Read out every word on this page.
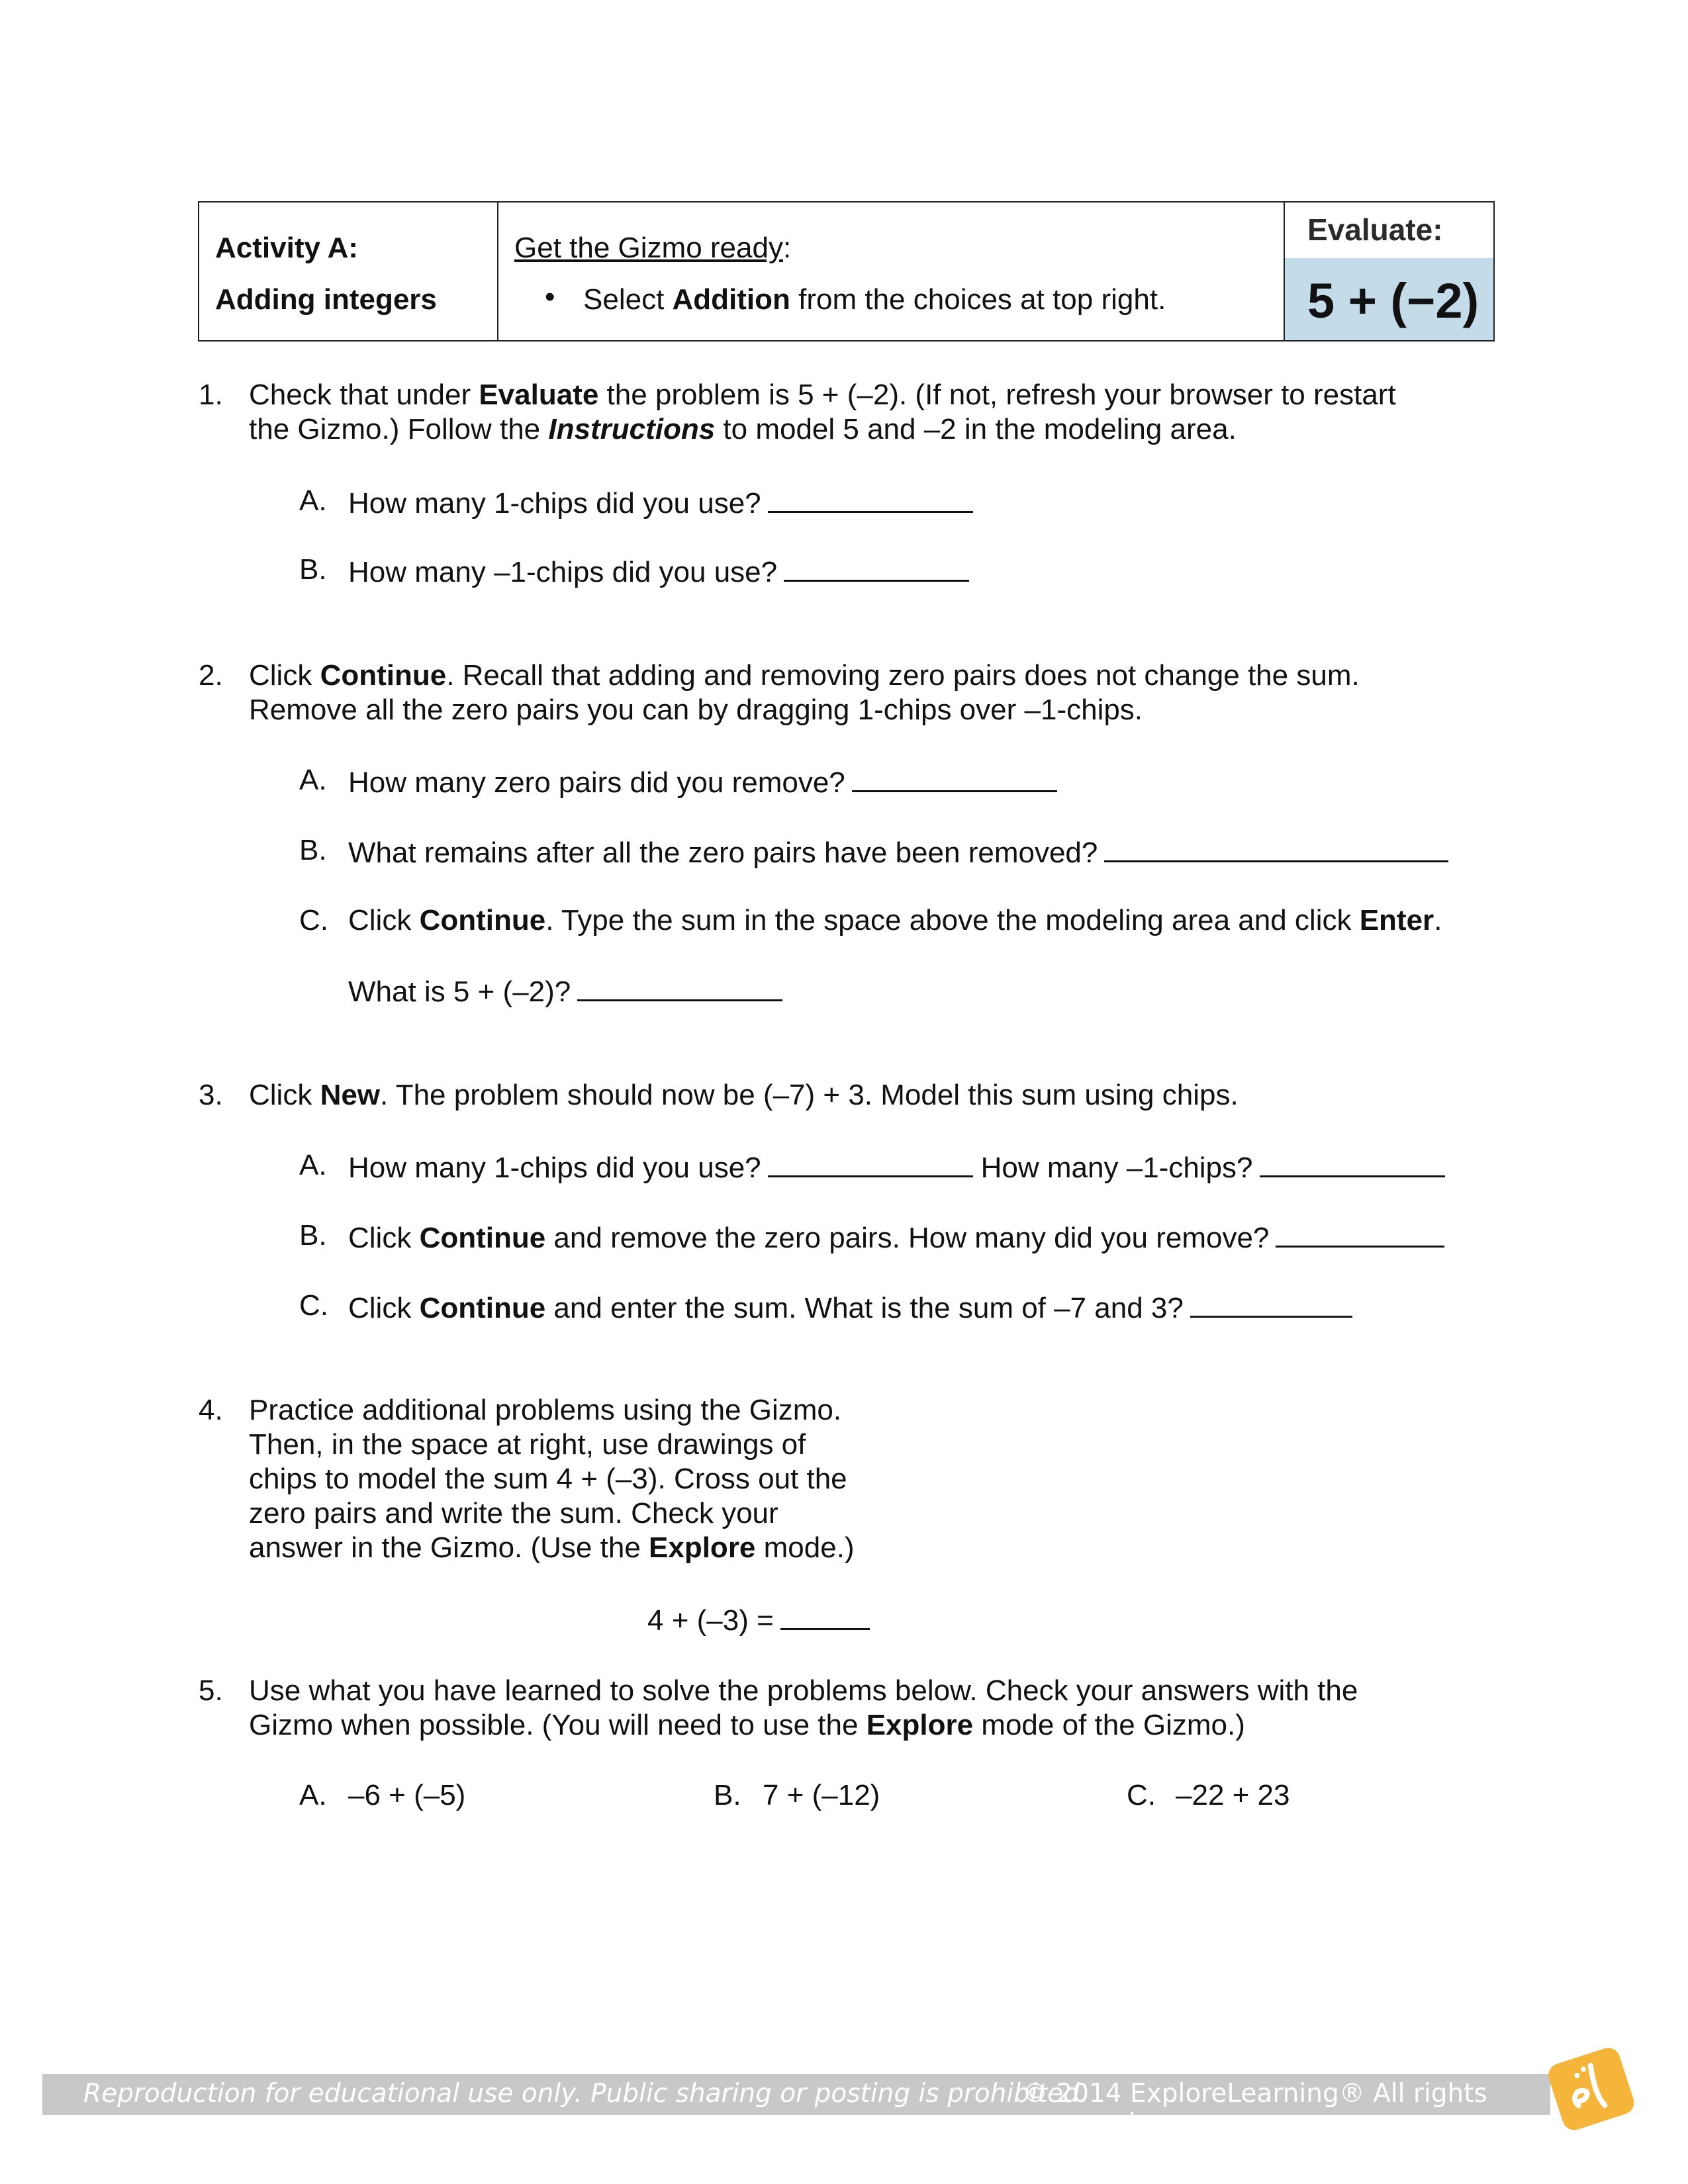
Activity A:
Adding integers
Get the Gizmo ready:
• Select Addition from the choices at top right.
Evaluate:
5 + (−2)
1. Check that under Evaluate the problem is 5 + (–2). (If not, refresh your browser to restart
the Gizmo.) Follow the Instructions to model 5 and –2 in the modeling area.
A. How many 1-chips did you use?
B. How many –1-chips did you use?
2. Click Continue. Recall that adding and removing zero pairs does not change the sum.
Remove all the zero pairs you can by dragging 1-chips over –1-chips.
A. How many zero pairs did you remove?
B. What remains after all the zero pairs have been removed?
C. Click Continue. Type the sum in the space above the modeling area and click Enter.
What is 5 + (–2)?
3. Click New. The problem should now be (–7) + 3. Model this sum using chips.
A. How many 1-chips did you use?	How many –1-chips?
B. Click Continue and remove the zero pairs. How many did you remove?
C. Click Continue and enter the sum. What is the sum of –7 and 3?
4. Practice additional problems using the Gizmo.
Then, in the space at right, use drawings of
chips to model the sum 4 + (–3). Cross out the
zero pairs and write the sum. Check your
answer in the Gizmo. (Use the Explore mode.)
4 + (–3) =
5. Use what you have learned to solve the problems below. Check your answers with the
Gizmo when possible. (You will need to use the Explore mode of the Gizmo.)
A. –6 + (–5)	B. 7 + (–12)	C. –22 + 23
Reproduction for educational use only. Public sharing or posting is prohibited.
© 2014 ExploreLearning® All rights reserved
